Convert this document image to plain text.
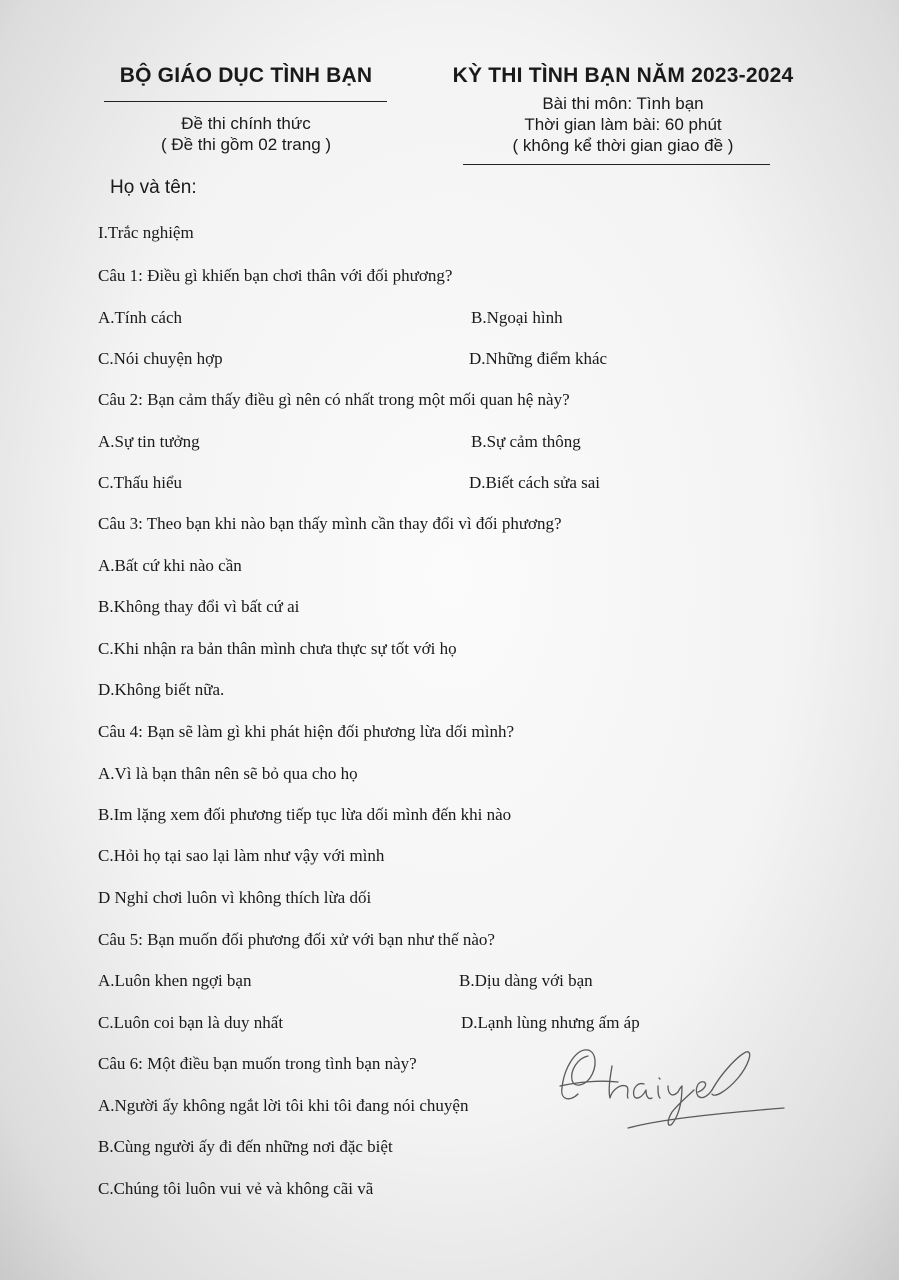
BỘ GIÁO DỤC TÌNH BẠN
Đề thi chính thức
( Đề thi gồm 02 trang )
KỲ THI TÌNH BẠN NĂM 2023-2024
Bài thi môn: Tình bạn
Thời gian làm bài: 60 phút
( không kể thời gian giao đề )
Họ và tên:
I.Trắc nghiệm
Câu 1: Điều gì khiến bạn chơi thân với đối phương?
A.Tính cách	B.Ngoại hình
C.Nói chuyện hợp	D.Những điểm khác
Câu 2: Bạn cảm thấy điều gì nên có nhất trong một mối quan hệ này?
A.Sự tin tưởng	B.Sự cảm thông
C.Thấu hiểu	D.Biết cách sửa sai
Câu 3: Theo bạn khi nào bạn thấy mình cần thay đổi vì đối phương?
A.Bất cứ khi nào cần
B.Không thay đổi vì bất cứ ai
C.Khi nhận ra bản thân mình chưa thực sự tốt với họ
D.Không biết nữa.
Câu 4: Bạn sẽ làm gì khi phát hiện đối phương lừa dối mình?
A.Vì là bạn thân nên sẽ bỏ qua cho họ
B.Im lặng xem đối phương tiếp tục lừa dối mình đến khi nào
C.Hỏi họ tại sao lại làm như vậy với mình
D Nghỉ chơi luôn vì không thích lừa dối
Câu 5: Bạn muốn đối phương đối xử với bạn như thế nào?
A.Luôn khen ngợi bạn	B.Dịu dàng với bạn
C.Luôn coi bạn là duy nhất	D.Lạnh lùng nhưng ấm áp
Câu 6: Một điều bạn muốn trong tình bạn này?
A.Người ấy không ngắt lời tôi khi tôi đang nói chuyện
B.Cùng người ấy đi đến những nơi đặc biệt
C.Chúng tôi luôn vui vẻ và không cãi vã
